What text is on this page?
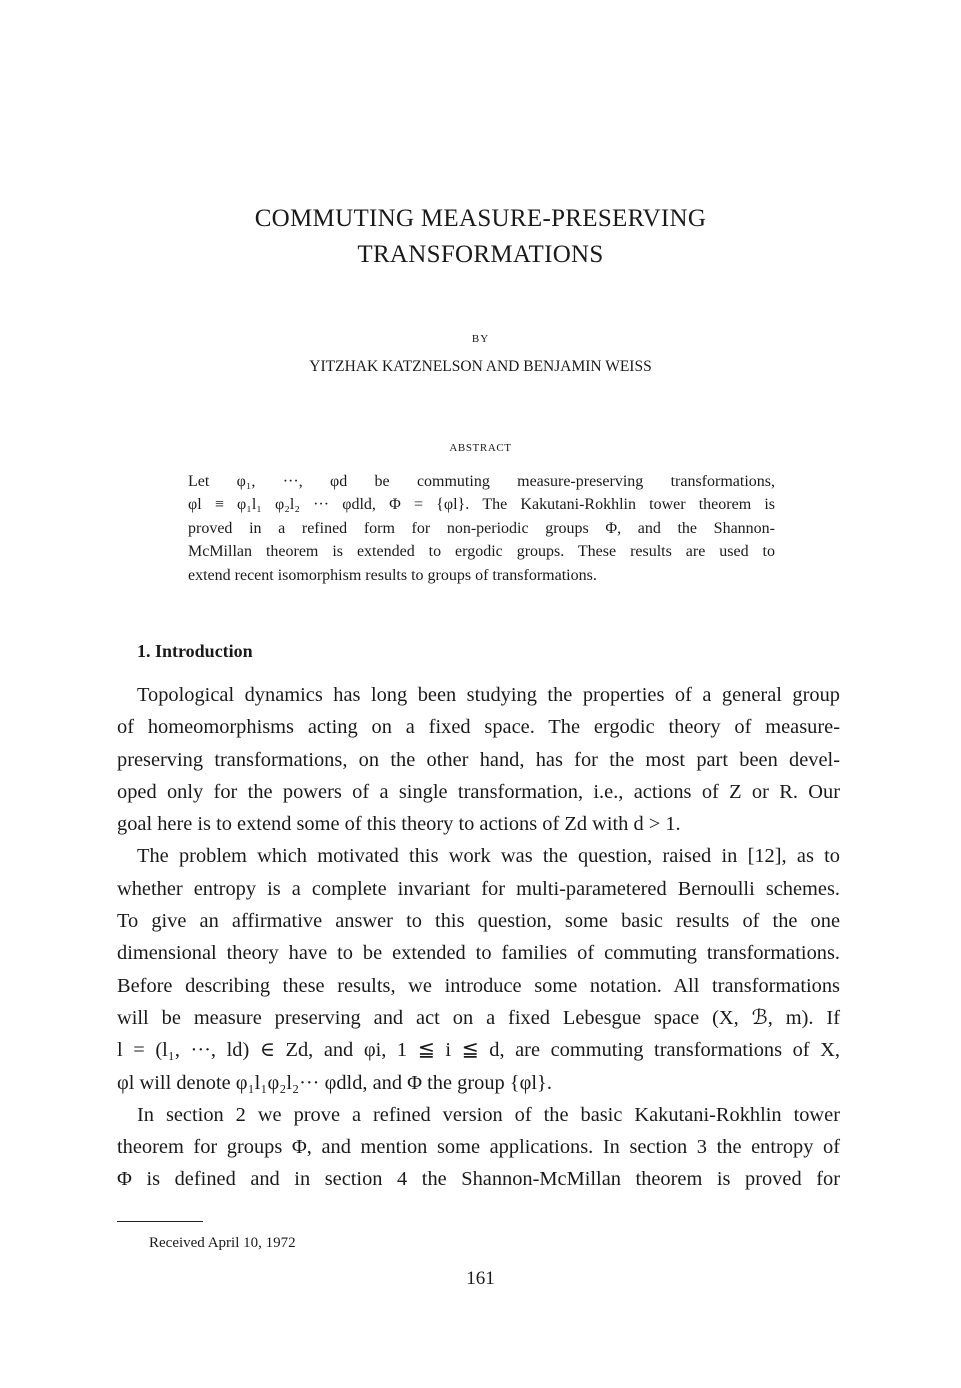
COMMUTING MEASURE-PRESERVING
TRANSFORMATIONS
BY
YITZHAK KATZNELSON AND BENJAMIN WEISS
ABSTRACT
Let φ₁, ···, φd be commuting measure-preserving transformations,
φl ≡ φ₁l₁ φ₂l₂ ··· φdld, Φ = {φl}. The Kakutani-Rokhlin tower theorem is
proved in a refined form for non-periodic groups Φ, and the Shannon-
McMillan theorem is extended to ergodic groups. These results are used to
extend recent isomorphism results to groups of transformations.
1. Introduction
Topological dynamics has long been studying the properties of a general group
of homeomorphisms acting on a fixed space. The ergodic theory of measure-
preserving transformations, on the other hand, has for the most part been devel-
oped only for the powers of a single transformation, i.e., actions of Z or R. Our
goal here is to extend some of this theory to actions of Zd with d > 1.
The problem which motivated this work was the question, raised in [12], as to
whether entropy is a complete invariant for multi-parametered Bernoulli schemes.
To give an affirmative answer to this question, some basic results of the one
dimensional theory have to be extended to families of commuting transformations.
Before describing these results, we introduce some notation. All transformations
will be measure preserving and act on a fixed Lebesgue space (X, ℬ, m). If
l = (l₁, ···, ld) ∈ Zd, and φi, 1 ≦ i ≦ d, are commuting transformations of X,
φl will denote φ₁l₁φ₂l₂··· φdld, and Φ the group {φl}.
In section 2 we prove a refined version of the basic Kakutani-Rokhlin tower
theorem for groups Φ, and mention some applications. In section 3 the entropy of
Φ is defined and in section 4 the Shannon-McMillan theorem is proved for
Received April 10, 1972
161
